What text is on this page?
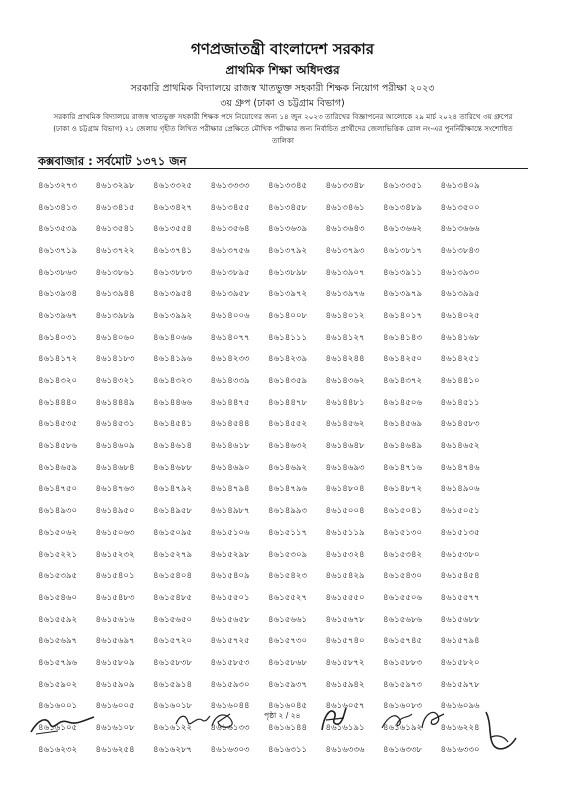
গণপ্রজাতন্ত্রী বাংলাদেশ সরকার
প্রাথমিক শিক্ষা অধিদপ্তর
সরকারি প্রাথমিক বিদ্যালয়ে রাজস্ব খাতভুক্ত সহকারী শিক্ষক নিয়োগ পরীক্ষা ২০২৩
৩য় গ্রুপ (ঢাকা ও চট্টগ্রাম বিভাগ)
সরকারি প্রাথমিক বিদ্যালয়ে রাজস্ব খাতভুক্ত সহকারী শিক্ষক পদে নিয়োগের জন্য ১৪ জুন ২০২৩ তারিখের বিজ্ঞাপনের আলোকে ২৯ মার্চ ২০২৪ তারিখে ৩য় গ্রুপের (ঢাকা ও চট্টগ্রাম বিভাগ) ২১ জেলায় গৃহীত লিখিত পরীক্ষার প্রেক্ষিতে মৌখিক পরীক্ষার জন্য নির্বাচিত প্রার্থীদের জেলাভিত্তিক রোল নং-এর পুনর্নিরীক্ষান্তে সংশোধিত তালিকা
কক্সবাজার : সর্বমোট ১৩৭১ জন
৪৬১৩২৭৩	৪৬১৩২৯৮	৪৬১৩৩২৫	৪৬১৩৩৩৩	৪৬১৩৩৪৫	৪৬১৩৩৪৮	৪৬১৩৩৫১	৪৬১৩৪০৯
৪৬১৩৪১৩	৪৬১৩৪১৫	৪৬১৩৪২৭	৪৬১৩৪৫৫	৪৬১৩৪৫৮	৪৬১৩৪৬১	৪৬১৩৪৮৯	৪৬১৩৫০০
৪৬১৩৫৩৯	৪৬১৩৫৪১	৪৬১৩৫৫৪	৪৬১৩৫৬৪	৪৬১৩৬৩৯	৪৬১৩৬৪৩	৪৬১৩৬৬২	৪৬১৩৬৬৬
৪৬১৩৭১৯	৪৬১৩৭২২	৪৬১৩৭৪১	৪৬১৩৭৫৬	৪৬১৩৭৯২	৪৬১৩৭৯৩	৪৬১৩৮১৭	৪৬১৩৮৪৩
৪৬১৩৮৬৩	৪৬১৩৮৬১	৪৬১৩৮৮৩	৪৬১৩৮৯৫	৪৬১৩৮৯৮	৪৬১৩৯০৭	৪৬১৩৯১১	৪৬১৩৯৩০
৪৬১৩৯৩৪	৪৬১৩৯৪৪	৪৬১৩৯৫৪	৪৬১৩৯৫৮	৪৬১৩৯৭২	৪৬১৩৯৭৬	৪৬১৩৯৭৯	৪৬১৩৯৯৫
৪৬১৩৯৬৭	৪৬১৩৯৮৯	৪৬১৩৯৯২	৪৬১৪০০৬	৪৬১৪০০৮	৪৬১৪০১২	৪৬১৪০১৭	৪৬১৪০২৫
৪৬১৪০৩১	৪৬১৪০৬০	৪৬১৪০৬৬	৪৬১৪০৭৭	৪৬১৪১১১	৪৬১৪১২৭	৪৬১৪১৪৩	৪৬১৪১৬৮
৪৬১৪১৭২	৪৬১৪১৮৩	৪৬১৪১৯৬	৪৬১৪২৩৩	৪৬১৪২৩৯	৪৬১৪২৪৪	৪৬১৪২৫০	৪৬১৪২৫১
৪৬১৪৩২০	৪৬১৪৩২১	৪৬১৪৩২৩	৪৬১৪৩৩৯	৪৬১৪৩৫৯	৪৬১৪৩৬২	৪৬১৪৩৭২	৪৬১৪৪১০
৪৬১৪৪৪০	৪৬১৪৪৪৯	৪৬১৪৪৬৬	৪৬১৪৪৭৫	৪৬১৪৪৭৮	৪৬১৪৪৮১	৪৬১৪৫০৬	৪৬১৪৫১১
৪৬১৪৫৩৫	৪৬১৪৫৩১	৪৬১৪৫৪১	৪৬১৪৫৪৪	৪৬১৪৫৫২	৪৬১৪৫৬২	৪৬১৪৫৬৯	৪৬১৪৫৮৩
৪৬১৪৫৮৬	৪৬১৪৬০৯	৪৬১৪৬১৪	৪৬১৪৬১৮	৪৬১৪৬৩২	৪৬১৪৬৪৮	৪৬১৪৬৪৯	৪৬১৪৬৫২
৪৬১৪৬৫৯	৪৬১৪৬৮৪	৪৬১৪৬৮৮	৪৬১৪৬৯০	৪৬১৪৬৯২	৪৬১৪৬৯৩	৪৬১৪৭১৬	৪৬১৪৭৪৬
৪৬১৪৭৫০	৪৬১৪৭৬৩	৪৬১৪৭৯২	৪৬১৪৭৯৪	৪৬১৪৭৯৬	৪৬১৪৮০৪	৪৬১৪৮৭২	৪৬১৪৯০৬
৪৬১৪৯৩০	৪৬১৪৯৫০	৪৬১৪৯৫৮	৪৬১৪৯৮৭	৪৬১৪৯৯৩	৪৬১৫০০৪	৪৬১৫০৪১	৪৬১৫০৫১
৪৬১৫০৬২	৪৬১৫০৬৩	৪৬১৫০৯৫	৪৬১৫১০৬	৪৬১৫১১৭	৪৬১৫১১৯	৪৬১৫১৩০	৪৬১৫১৩৫
৪৬১৫২২১	৪৬১৫২৩২	৪৬১৫২৭৯	৪৬১৫২৯৮	৪৬১৫৩০৯	৪৬১৫৩২৪	৪৬১৫৩৪২	৪৬১৫৩৮০
৪৬১৫৩৯৫	৪৬১৫৪০১	৪৬১৫৪০৪	৪৬১৫৪০৯	৪৬১৫৪২৩	৪৬১৫৪২৯	৪৬১৫৪৩০	৪৬১৫৪৫৪
৪৬১৫৪৬০	৪৬১৫৪৮৩	৪৬১৫৪৮৫	৪৬১৫৫০১	৪৬১৫৫২৭	৪৬১৫৫৫০	৪৬১৫৫০৬	৪৬১৫৫৭৭
৪৬১৫৫৯২	৪৬১৫৬১৬	৪৬১৫৬৫০	৪৬১৫৬৫৮	৪৬১৫৬৬১	৪৬১৫৬৭৮	৪৬১৫৬৮৬	৪৬১৫৬৮৮
৪৬১৫৬৯৭	৪৬১৫৬৯৭	৪৬১৫৭২০	৪৬১৫৭২৫	৪৬১৫৭৩০	৪৬১৫৭৪০	৪৬১৫৭৪৫	৪৬১৫৭৯৪
৪৬১৫৭৯৬	৪৬১৫৮০৯	৪৬১৫৮৩৮	৪৬১৫৮৫৩	৪৬১৫৮৬৮	৪৬১৫৮৭২	৪৬১৫৮৮৩	৪৬১৫৮২০
৪৬১৫৯০২	৪৬১৫৯০৯	৪৬১৫৯১৪	৪৬১৫৯৩০	৪৬১৫৯৩৭	৪৬১৫৯৪২	৪৬১৫৯৭৩	৪৬১৫৯৭৮
৪৬১৬০০১	৪৬১৬০০৫	৪৬১৬০১৮	৪৬১৬০৪৪	৪৬১৬০৪৫	৪৬১৬০৫৭	৪৬১৬০৮৩	৪৬১৬০৯৬
৪৬১৬১০৫	৪৬১৬১০৮	৪৬১৬১২২	৪৬১৬১৩৩	৪৬১৬১৪৪	৪৬১৬১৯১	৪৬১৬১৯২	৪৬১৬২২৪
৪৬১৬২৩২	৪৬১৬২৫৪	৪৬১৬২৮৭	৪৬১৬৩০৩	৪৬১৬৩১১	৪৬১৬৩৩৬	৪৬১৬৩৩৮	৪৬১৬৩৩০
পৃষ্ঠা ২ / ২৪
